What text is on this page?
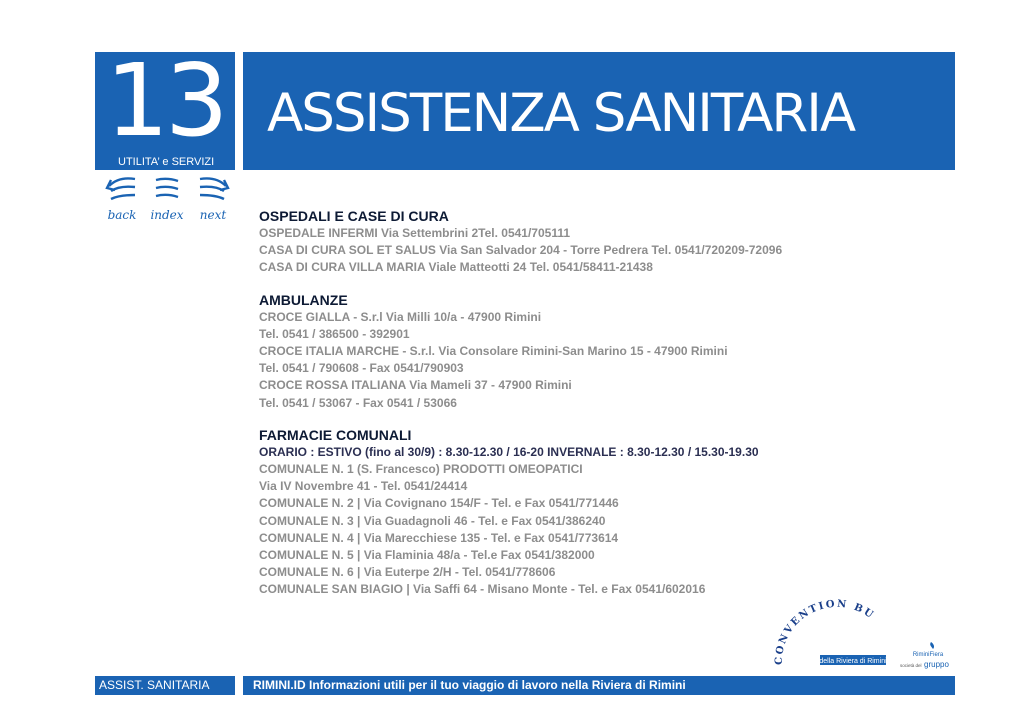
13
UTILITA’ e SERVIZI
ASSISTENZA SANITARIA
back	index	next	OSPEDALI E CASE DI CURA
OSPEDALE INFERMI Via Settembrini 2Tel. 0541/705111
CASA DI CURA SOL ET SALUS Via San Salvador 204 - Torre Pedrera Tel. 0541/720209-72096
CASA DI CURA VILLA MARIA Viale Matteotti 24 Tel. 0541/58411-21438
AMBULANZE
CROCE GIALLA - S.r.l Via Milli 10/a - 47900 Rimini
Tel. 0541 / 386500 - 392901
CROCE ITALIA MARCHE - S.r.l. Via Consolare Rimini-San Marino 15 - 47900 Rimini
Tel. 0541 / 790608 - Fax 0541/790903
CROCE ROSSA ITALIANA Via Mameli 37 - 47900 Rimini
Tel. 0541 / 53067 - Fax 0541 / 53066
FARMACIE COMUNALI
ORARIO : ESTIVO (fino al 30/9) : 8.30-12.30 / 16-20 INVERNALE : 8.30-12.30 / 15.30-19.30
COMUNALE N. 1 (S. Francesco) PRODOTTI OMEOPATICI
Via IV Novembre 41 - Tel. 0541/24414
COMUNALE N. 2 | Via Covignano 154/F - Tel. e Fax 0541/771446
COMUNALE N. 3 | Via Guadagnoli 46 - Tel. e Fax 0541/386240
COMUNALE N. 4 | Via Marecchiese 135 - Tel. e Fax 0541/773614
COMUNALE N. 5 | Via Flaminia 48/a - Tel.e Fax 0541/382000
COMUNALE N. 6 | Via Euterpe 2/H - Tel. 0541/778606
COMUNALE SAN BIAGIO | Via Saffi 64 - Misano Monte - Tel. e Fax 0541/602016
CONVENTION BU
della Riviera di Rimini
RiminiFiera
società del gruppo
ASSIST. SANITARIA	RIMINI.ID Informazioni utili per il tuo viaggio di lavoro nella Riviera di Rimini
